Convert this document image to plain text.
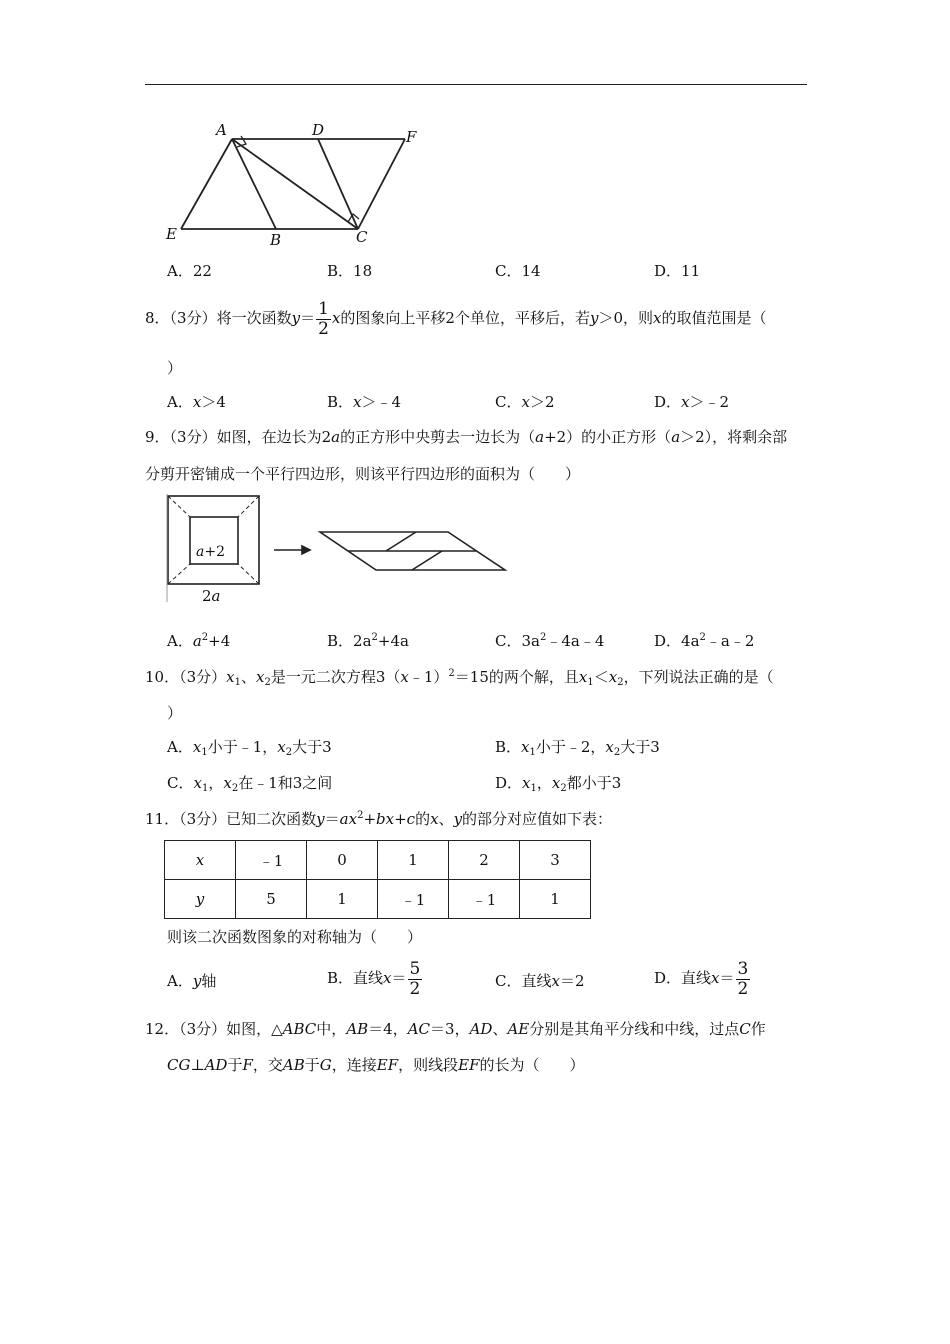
A	D	F
E	B	C
A．22	B．18	C．14	D．11
8．（3分）将一次函数$y= \frac{1}{2}$ x的图象向上平移2个单位，平移后，若y＞0，则x的取值范围是（
）
A．x＞4	B．x＞﹣4	C．x＞2	D．x＞﹣2
9．（3分）如图，在边长为2a的正方形中央剪去一边长为（a+2）的小正方形（a＞2），将剩余部
分剪开密铺成一个平行四边形，则该平行四边形的面积为（　　）
a+2
2a
A．$a^2+4$	B．$2a^2+4a$	C．$3a^2﹣4a﹣4$	D．$4a^2﹣a﹣2$
10．（3分）$x_1$、$x_2$是一元二次方程3（x﹣1）$^2$＝15的两个解，且$x_1<x_2$，下列说法正确的是（
）
A．$x_1$小于﹣1，$x_2$大于3	B．$x_1$小于﹣2，$x_2$大于3
C．$x_1$，$x_2$在﹣1和3之间	D．$x_1$，$x_2$都小于3
11．（3分）已知二次函数$y=ax^2+bx+c$的x、y的部分对应值如下表：
x	﹣1	0	1	2	3
y	5	1	﹣1	﹣1	1
则该二次函数图象的对称轴为（　　）
A．y轴	B．直线$x= \frac{5}{2}$	C．直线x＝2	D．直线$x= \frac{3}{2}$
12．（3分）如图，△ABC中，AB＝4，AC＝3，AD、AE分别是其角平分线和中线，过点C作
CG⊥AD于F，交AB于G，连接EF，则线段EF的长为（　　）
